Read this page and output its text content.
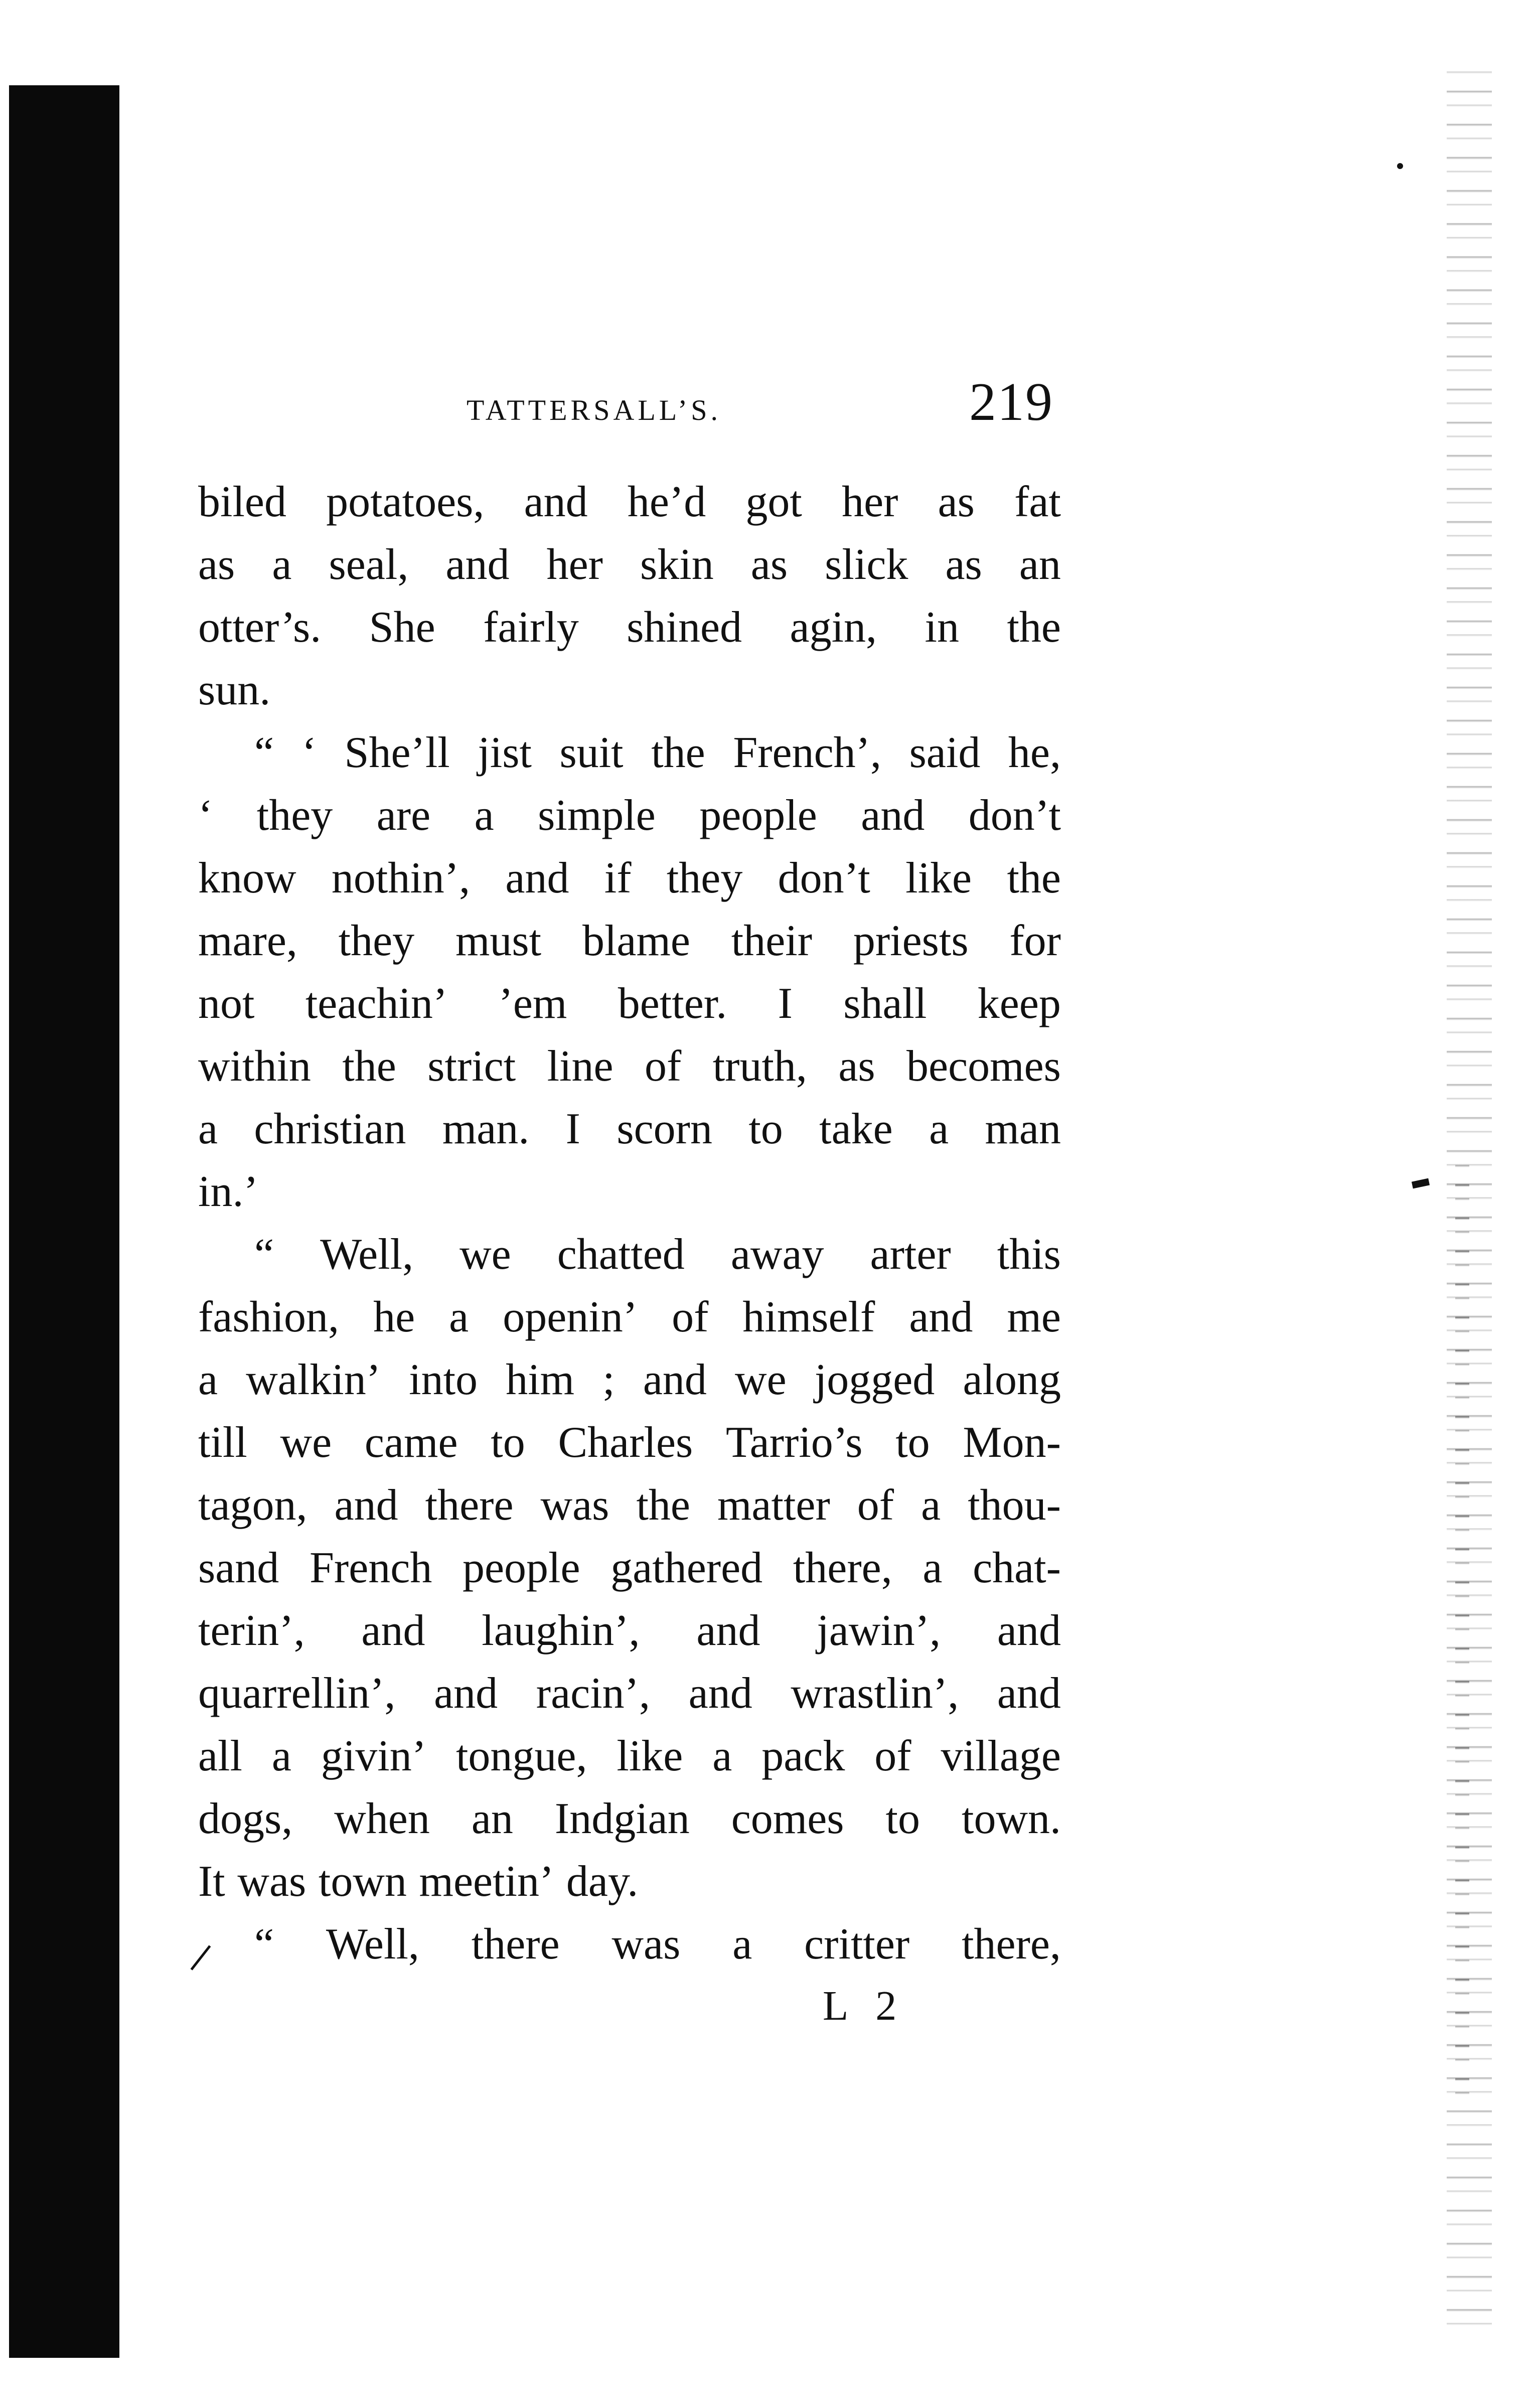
TATTERSALL’S.	219
biled potatoes, and he’d got her as fat
as a seal, and her skin as slick as an
otter’s. She fairly shined agin, in the
sun.
“ ‘ She’ll jist suit the French’, said he,
‘ they are a simple people and don’t
know nothin’, and if they don’t like the
mare, they must blame their priests for
not teachin’ ’em better. I shall keep
within the strict line of truth, as becomes
a christian man. I scorn to take a man
in.’
“ Well, we chatted away arter this
fashion, he a openin’ of himself and me
a walkin’ into him ; and we jogged along
till we came to Charles Tarrio’s to Mon-
tagon, and there was the matter of a thou-
sand French people gathered there, a chat-
terin’, and laughin’, and jawin’, and
quarrellin’, and racin’, and wrastlin’, and
all a givin’ tongue, like a pack of village
dogs, when an Indgian comes to town.
It was town meetin’ day.
“ Well, there was a critter there,
L 2
